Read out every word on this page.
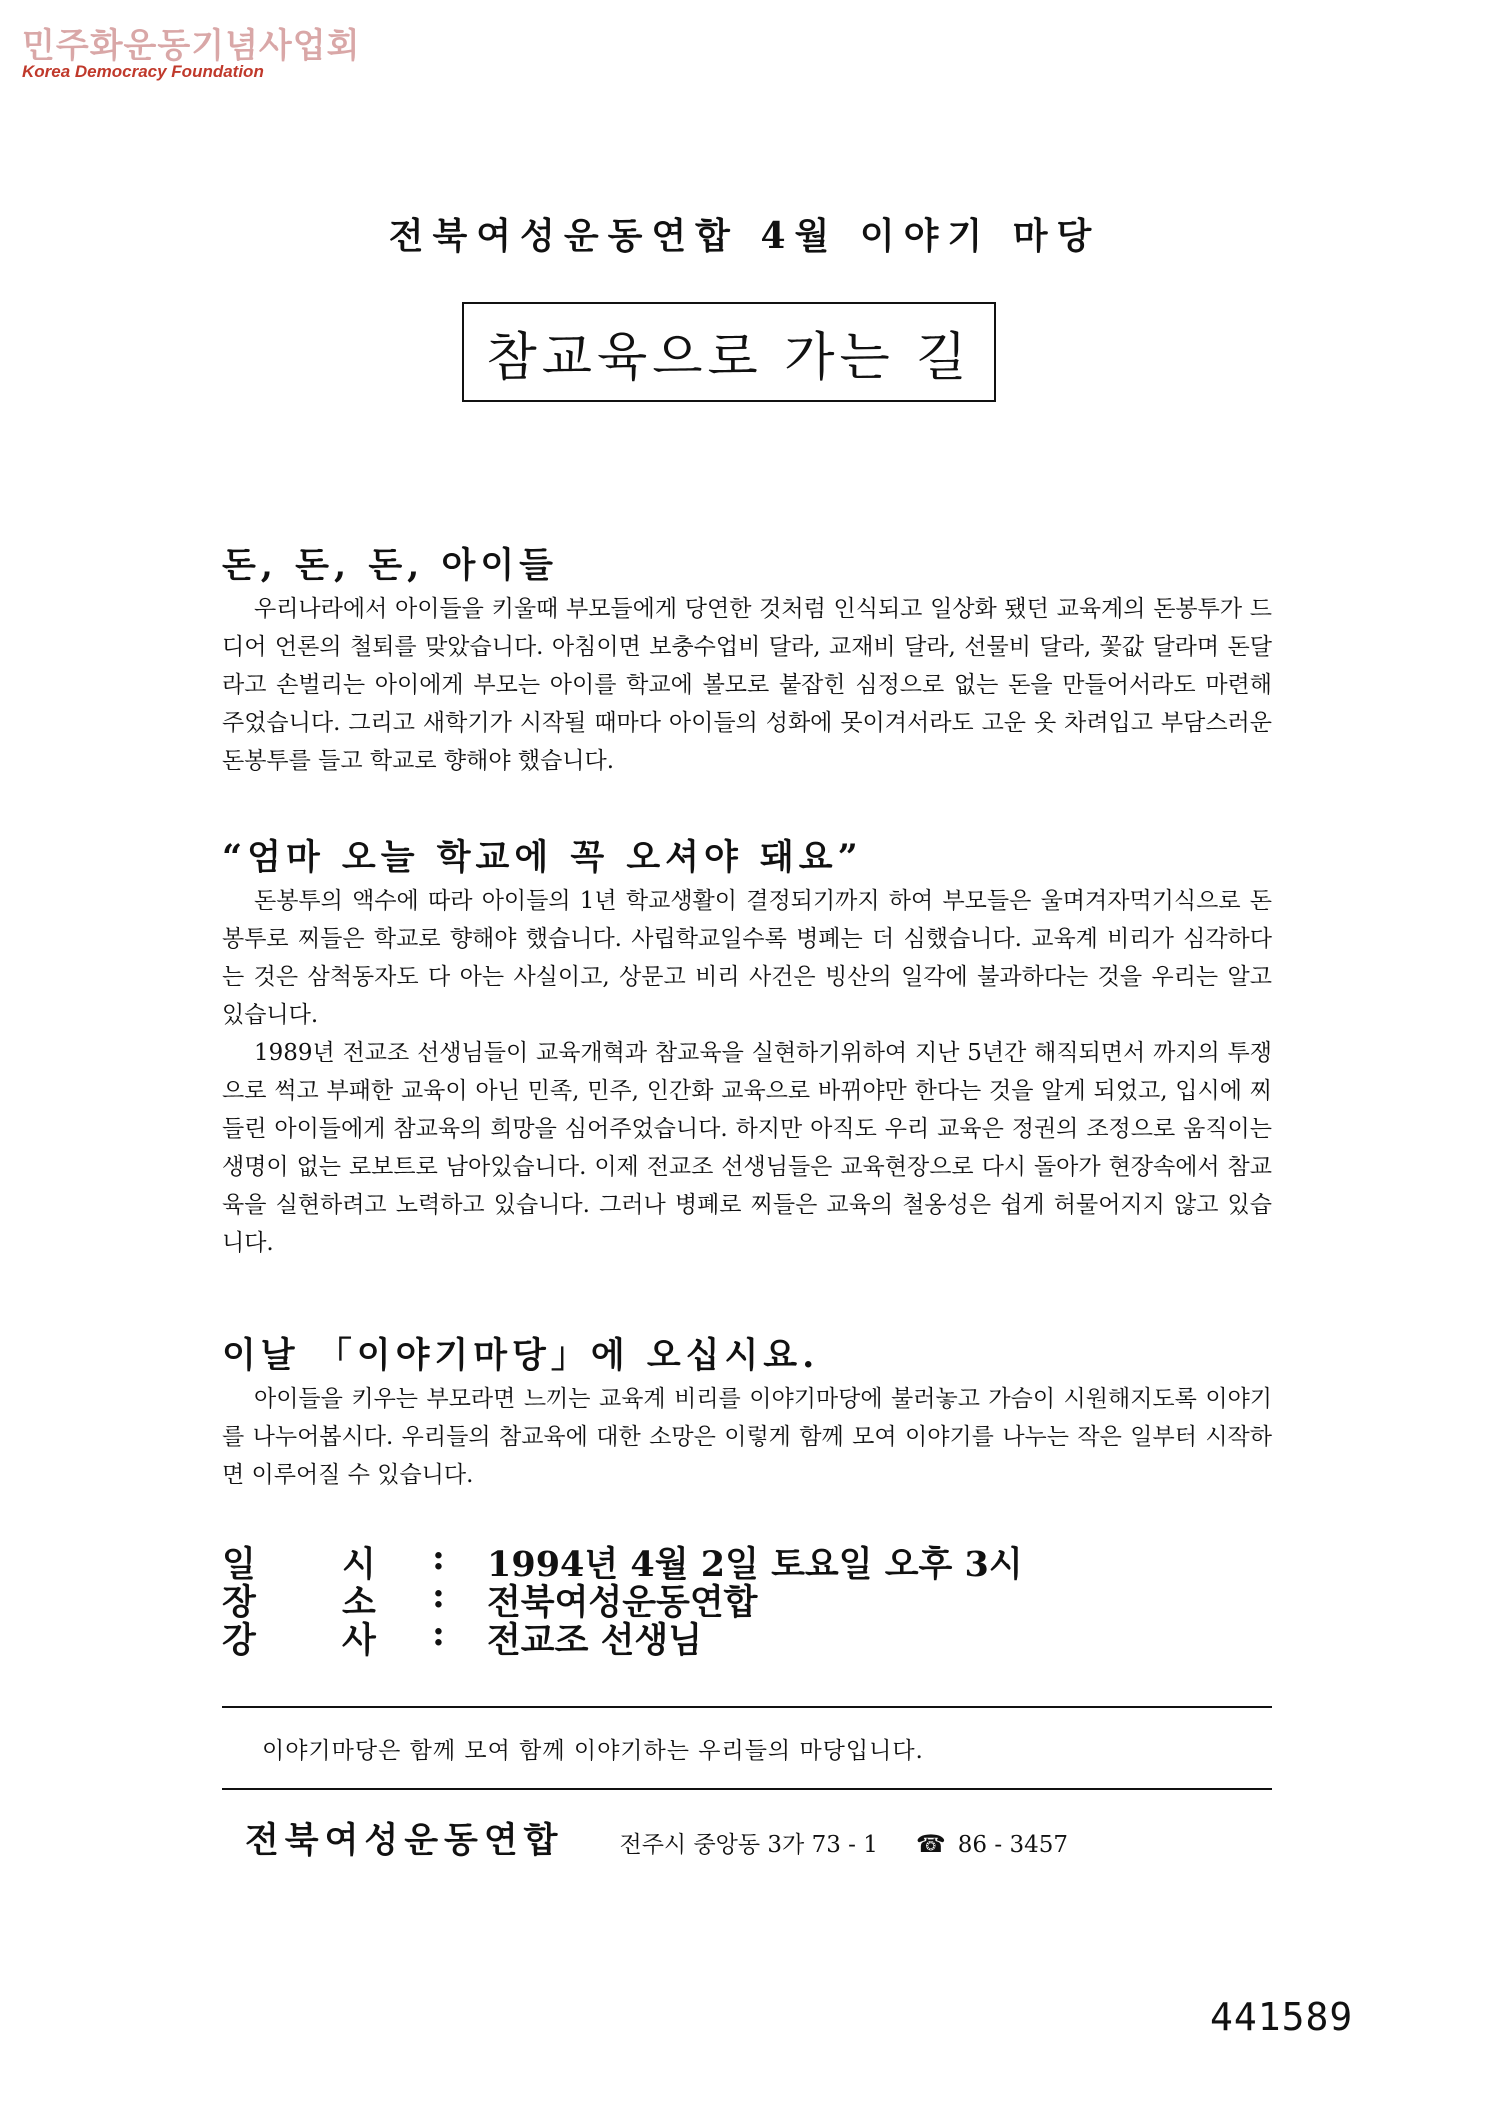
민주화운동기념사업회
Korea Democracy Foundation
전북여성운동연합 4월 이야기 마당
참교육으로 가는 길
돈, 돈, 돈, 아이들

우리나라에서 아이들을 키울때 부모들에게 당연한 것처럼 인식되고 일상화 됐던 교육계의 돈봉투가 드디어 언론의 철퇴를 맞았습니다. 아침이면 보충수업비 달라, 교재비 달라, 선물비 달라, 꽃값 달라며 돈달라고 손벌리는 아이에게 부모는 아이를 학교에 볼모로 붙잡힌 심정으로 없는 돈을 만들어서라도 마련해 주었습니다. 그리고 새학기가 시작될 때마다 아이들의 성화에 못이겨서라도 고운 옷 차려입고 부담스러운 돈봉투를 들고 학교로 향해야 했습니다.

“엄마 오늘 학교에 꼭 오셔야 돼요”

돈봉투의 액수에 따라 아이들의 1년 학교생활이 결정되기까지 하여 부모들은 울며겨자먹기식으로 돈봉투로 찌들은 학교로 향해야 했습니다. 사립학교일수록 병폐는 더 심했습니다. 교육계 비리가 심각하다는 것은 삼척동자도 다 아는 사실이고, 상문고 비리 사건은 빙산의 일각에 불과하다는 것을 우리는 알고 있습니다.

1989년 전교조 선생님들이 교육개혁과 참교육을 실현하기위하여 지난 5년간 해직되면서 까지의 투쟁으로 썩고 부패한 교육이 아닌 민족, 민주, 인간화 교육으로 바뀌야만 한다는 것을 알게 되었고, 입시에 찌들린 아이들에게 참교육의 희망을 심어주었습니다. 하지만 아직도 우리 교육은 정권의 조정으로 움직이는 생명이 없는 로보트로 남아있습니다. 이제 전교조 선생님들은 교육현장으로 다시 돌아가 현장속에서 참교육을 실현하려고 노력하고 있습니다. 그러나 병폐로 찌들은 교육의 철옹성은 쉽게 허물어지지 않고 있습니다.

이날 「이야기마당」에 오십시요.

아이들을 키우는 부모라면 느끼는 교육계 비리를 이야기마당에 불러놓고 가슴이 시원해지도록 이야기를 나누어봅시다. 우리들의 참교육에 대한 소망은 이렇게 함께 모여 이야기를 나누는 작은 일부터 시작하면 이루어질 수 있습니다.

일	시	:	1994년 4월 2일 토요일 오후 3시
장	소	:	전북여성운동연합
강	사	:	전교조 선생님
이야기마당은 함께 모여 함께 이야기하는 우리들의 마당입니다.
전북여성운동연합 전주시 중앙동 3가 73 - 1 ☎ 86 - 3457
441589
